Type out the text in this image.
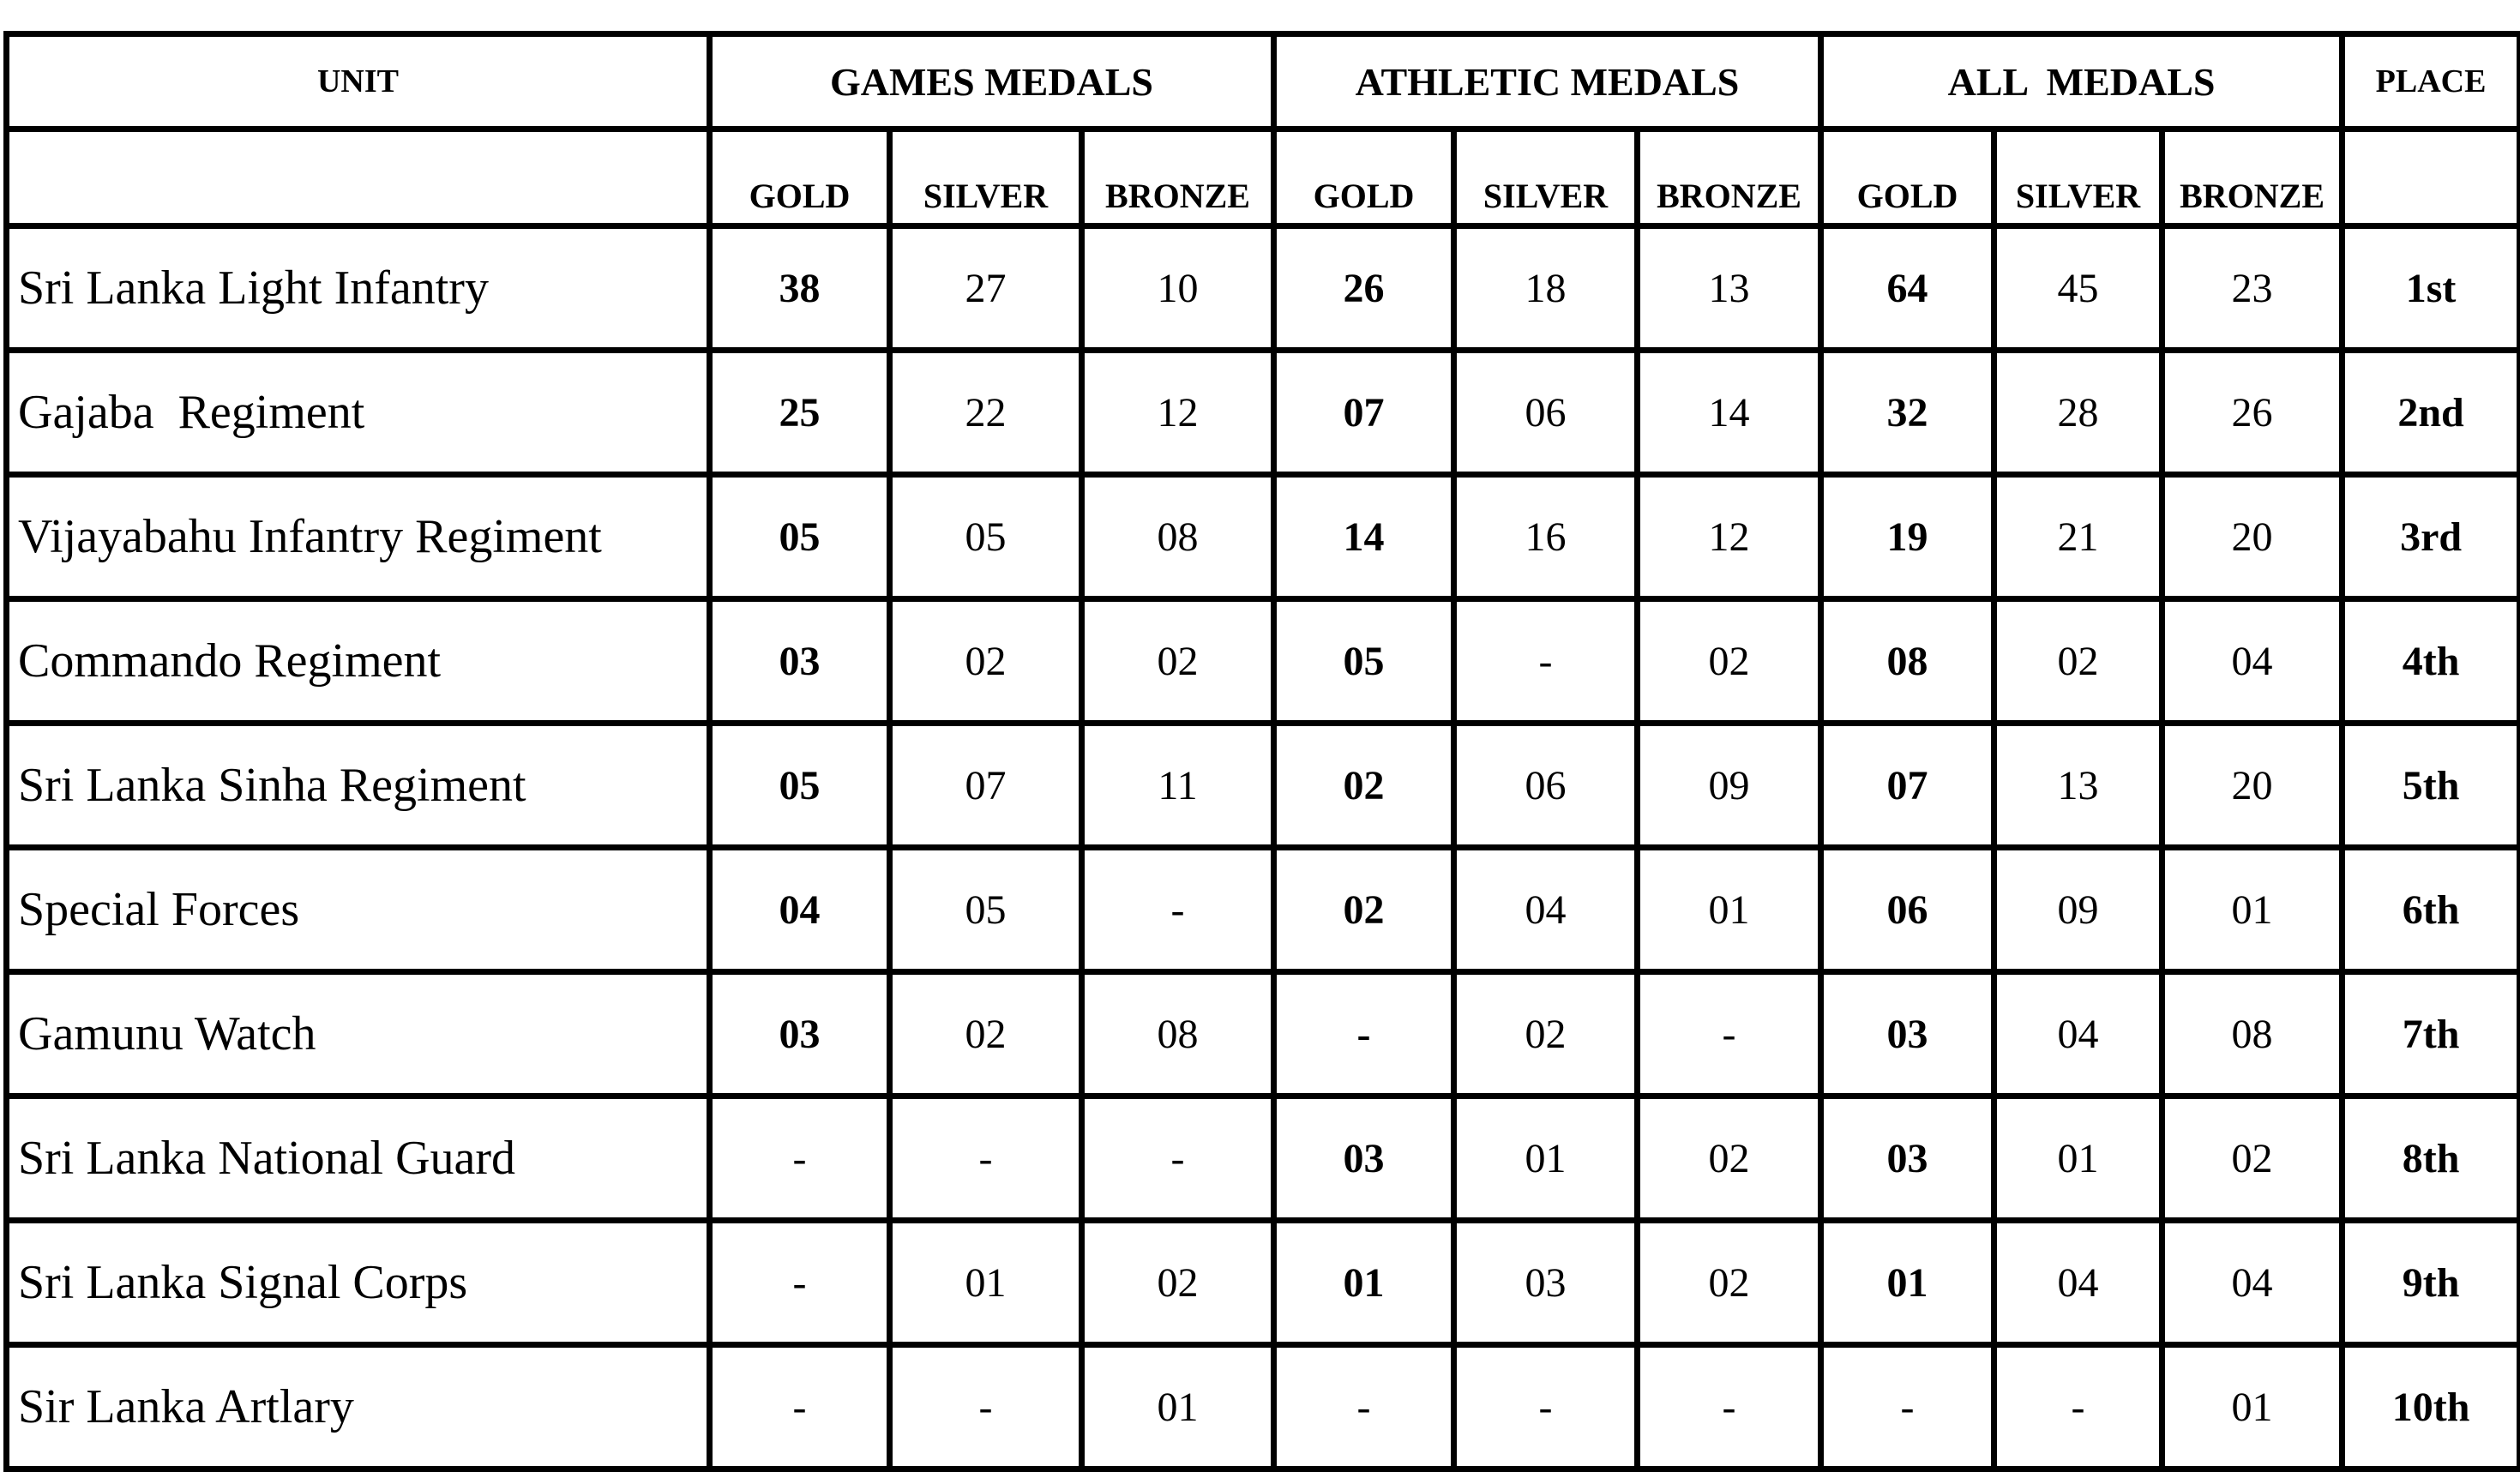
UNIT	GAMES MEDALS			ATHLETIC MEDALS			ALL  MEDALS			PLACE
	GOLD	SILVER	BRONZE	GOLD	SILVER	BRONZE	GOLD	SILVER	BRONZE	
Sri Lanka Light Infantry	38	27	10	26	18	13	64	45	23	1st
Gajaba  Regiment	25	22	12	07	06	14	32	28	26	2nd
Vijayabahu Infantry Regiment	05	05	08	14	16	12	19	21	20	3rd
Commando Regiment	03	02	02	05	-	02	08	02	04	4th
Sri Lanka Sinha Regiment	05	07	11	02	06	09	07	13	20	5th
Special Forces	04	05	-	02	04	01	06	09	01	6th
Gamunu Watch	03	02	08	-	02	-	03	04	08	7th
Sri Lanka National Guard	-	-	-	03	01	02	03	01	02	8th
Sri Lanka Signal Corps	-	01	02	01	03	02	01	04	04	9th
Sir Lanka Artlary	-	-	01	-	-	-	-	-	01	10th
